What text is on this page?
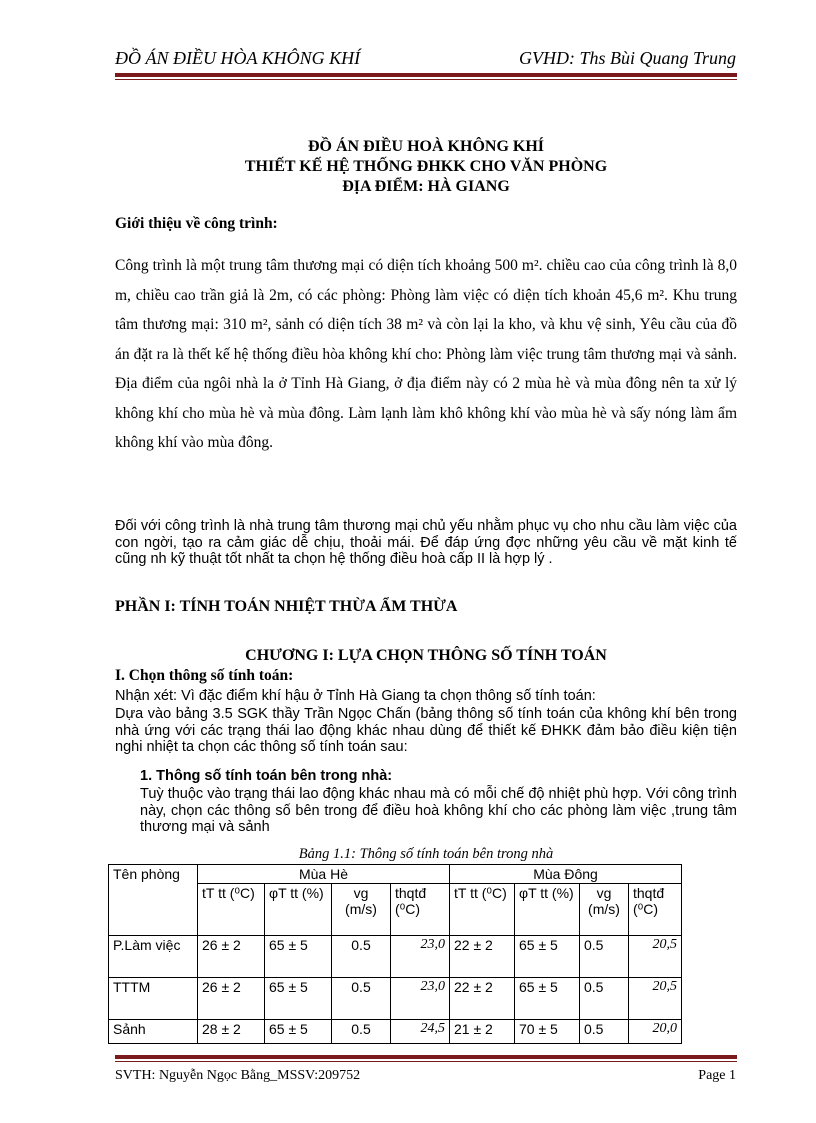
ĐỒ ÁN ĐIỀU HÒA KHÔNG KHÍ	GVHD: Ths Bùi Quang Trung
ĐỒ ÁN ĐIỀU HOÀ KHÔNG KHÍ
THIẾT KẾ HỆ THỐNG ĐHKK CHO VĂN PHÒNG
ĐỊA ĐIỂM: HÀ GIANG
Giới thiệu về công trình:
Công trình là một trung tâm thương mại có diện tích khoảng 500 m². chiều cao của công trình là 8,0 m, chiều cao trần giả là 2m, có các phòng: Phòng làm việc có diện tích khoản 45,6 m². Khu trung tâm thương mại: 310 m², sảnh có diện tích 38 m² và còn lại la kho, và khu vệ sinh, Yêu cầu của đồ án đặt ra là thết kế hệ thống điều hòa không khí cho: Phòng làm việc trung tâm thương mại và sảnh. Địa điểm của ngôi nhà la ở Tỉnh Hà Giang, ở địa điểm này có 2 mùa hè và mùa đông nên ta xử lý không khí cho mùa hè và mùa đông. Làm lạnh làm khô không khí vào mùa hè và sấy nóng làm ẩm không khí vào mùa đông.
Đối với công trình là nhà trung tâm thương mại chủ yếu nhằm phục vụ cho nhu cầu làm việc của con ngời, tạo ra cảm giác dễ chịu, thoải mái. Để đáp ứng đợc những yêu cầu về mặt kinh tế cũng nh kỹ thuật tốt nhất ta chọn hệ thống điều hoà cấp II là hợp lý .
PHẦN I: TÍNH TOÁN NHIỆT THỪA ẨM THỪA
CHƯƠNG I: LỰA CHỌN THÔNG SỐ TÍNH TOÁN
I. Chọn thông số tính toán:
Nhận xét: Vì đặc điểm khí hậu ở Tỉnh Hà Giang ta chọn thông số tính toán:
Dựa vào bảng 3.5 SGK thầy Trần Ngọc Chấn (bảng thông số tính toán của không khí bên trong nhà ứng với các trạng thái lao động khác nhau dùng để thiết kế ĐHKK đảm bảo điều kiện tiện nghi nhiệt ta chọn các thông số tính toán sau:
1. Thông số tính toán bên trong nhà:
Tuỳ thuộc vào trạng thái lao động khác nhau mà có mỗi chế độ nhiệt phù hợp. Với công trình này, chọn các thông số bên trong để điều hoà không khí cho các phòng làm việc ,trung tâm thương mại và sảnh
Bảng 1.1: Thông số tính toán bên trong nhà
Tên phòng	Mùa Hè				Mùa Đông			
	tT tt (⁰C)	φT tt (%)	vg (m/s)	thqtđ (⁰C)	tT tt (⁰C)	φT tt (%)	vg (m/s)	thqtđ (⁰C)
P.Làm việc	26 ± 2	65 ± 5	0.5	23,0	22 ± 2	65 ± 5	0.5	20,5
TTTM	26 ± 2	65 ± 5	0.5	23,0	22 ± 2	65 ± 5	0.5	20,5
Sảnh	28 ± 2	65 ± 5	0.5	24,5	21 ± 2	70 ± 5	0.5	20,0
SVTH: Nguyễn Ngọc Bằng_MSSV:209752	Page 1
